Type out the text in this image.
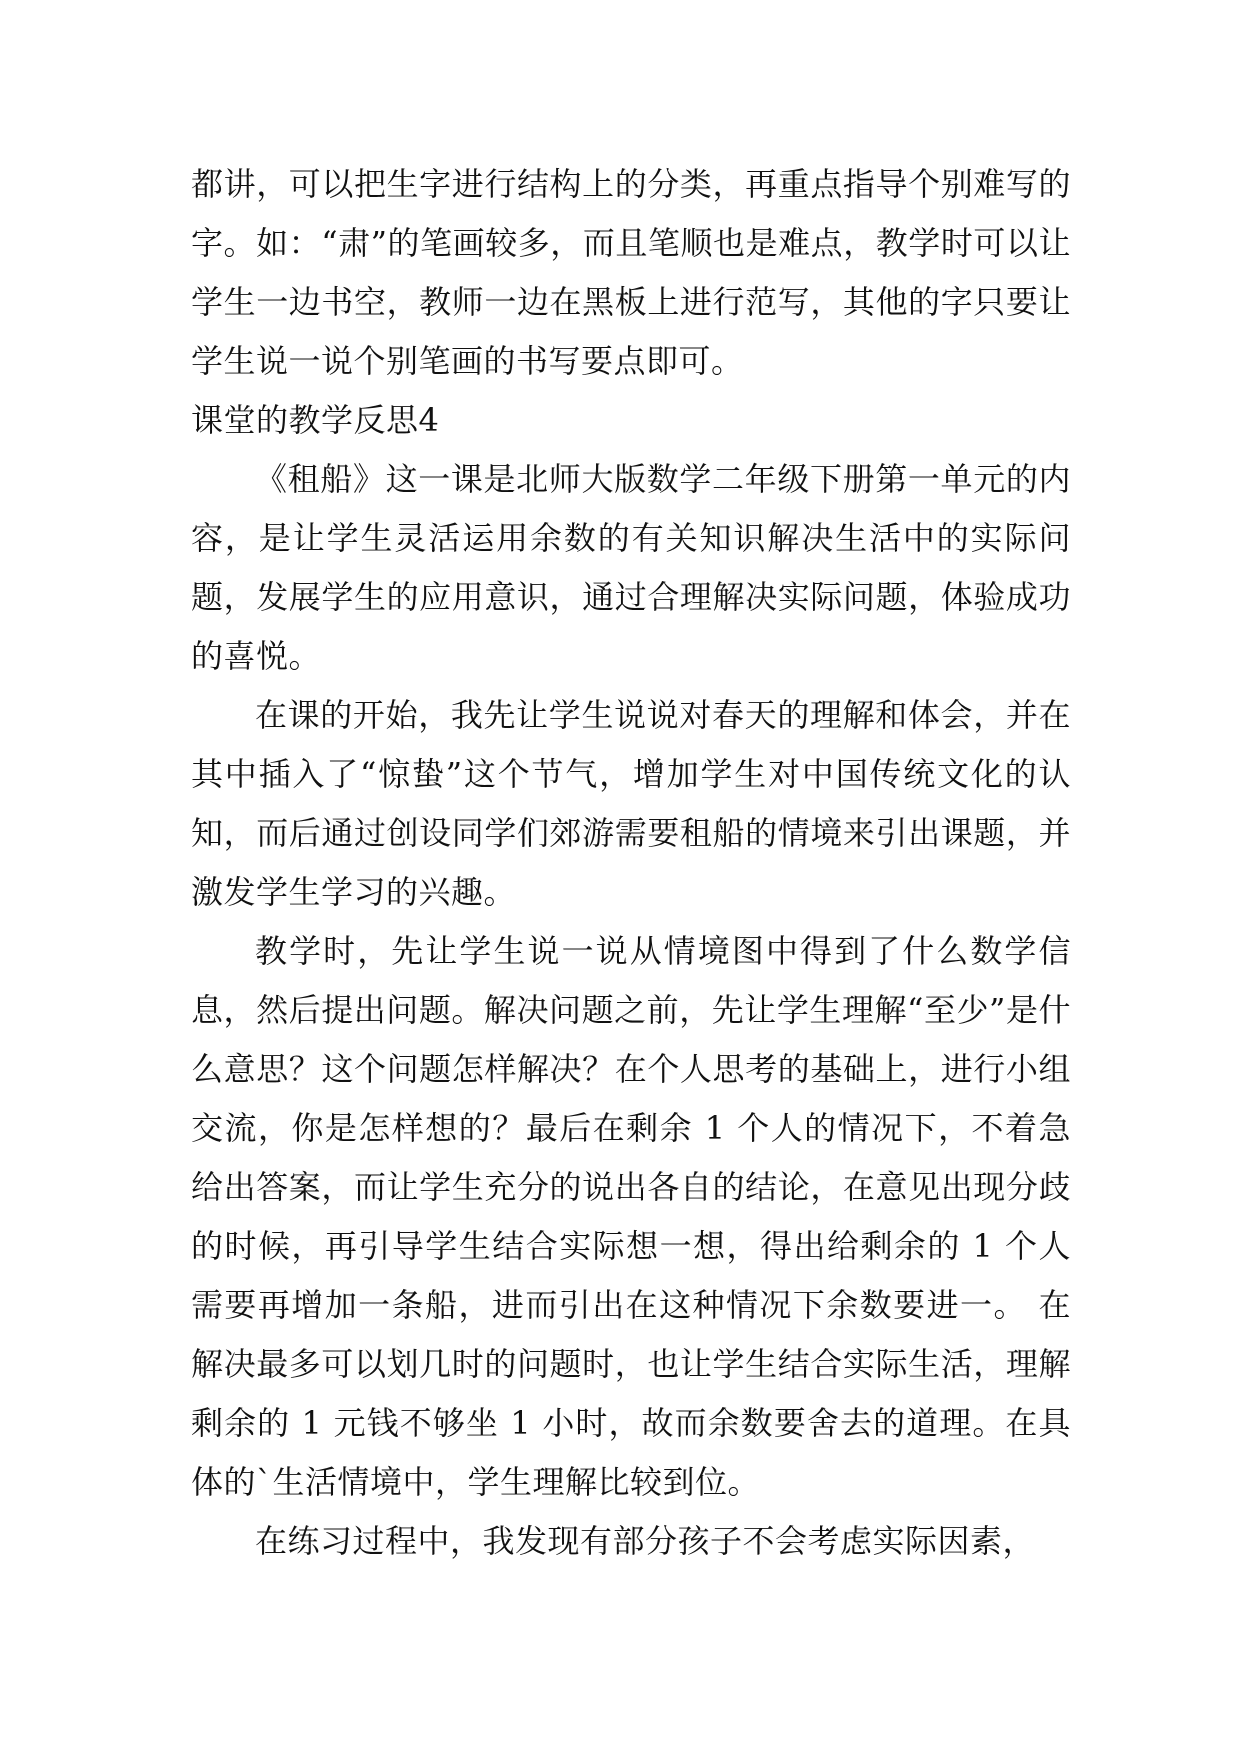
都讲，可以把生字进行结构上的分类，再重点指导个别难写的字。如：“肃”的笔画较多，而且笔顺也是难点，教学时可以让学生一边书空，教师一边在黑板上进行范写，其他的字只要让学生说一说个别笔画的书写要点即可。

课堂的教学反思4

《租船》这一课是北师大版数学二年级下册第一单元的内容，是让学生灵活运用余数的有关知识解决生活中的实际问题，发展学生的应用意识，通过合理解决实际问题，体验成功的喜悦。

在课的开始，我先让学生说说对春天的理解和体会，并在其中插入了“惊蛰”这个节气，增加学生对中国传统文化的认知，而后通过创设同学们郊游需要租船的情境来引出课题，并激发学生学习的兴趣。

教学时，先让学生说一说从情境图中得到了什么数学信息，然后提出问题。解决问题之前，先让学生理解“至少”是什么意思？这个问题怎样解决？在个人思考的基础上，进行小组交流，你是怎样想的？最后在剩余 1 个人的情况下，不着急给出答案，而让学生充分的说出各自的结论，在意见出现分歧的时候，再引导学生结合实际想一想，得出给剩余的 1 个人需要再增加一条船，进而引出在这种情况下余数要进一。 在解决最多可以划几时的问题时，也让学生结合实际生活，理解剩余的 1 元钱不够坐 1 小时，故而余数要舍去的道理。在具体的`生活情境中，学生理解比较到位。

在练习过程中，我发现有部分孩子不会考虑实际因素，
